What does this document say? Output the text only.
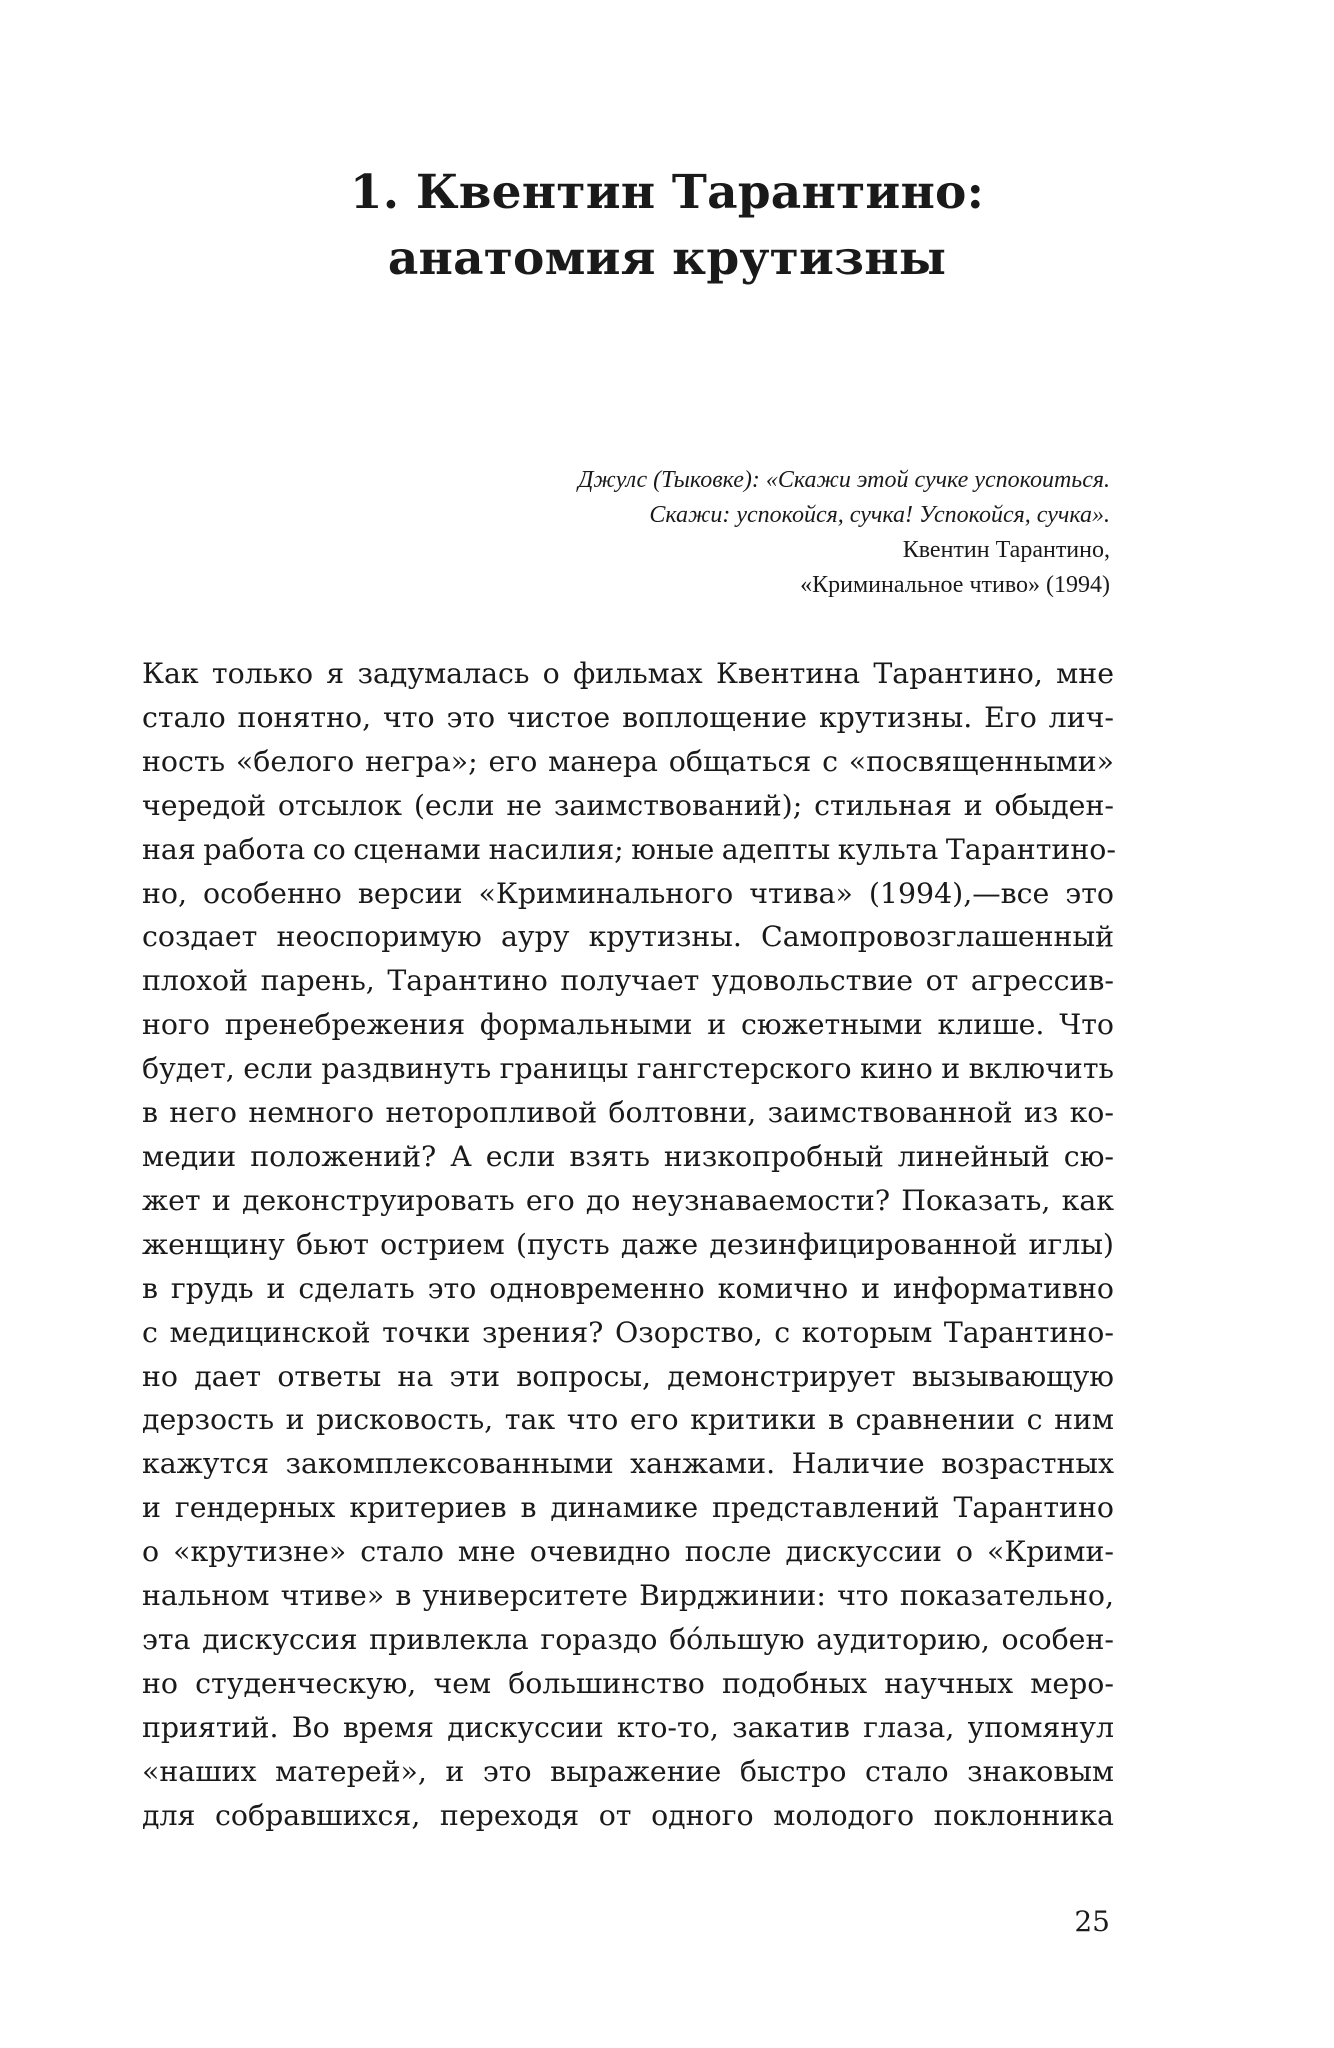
1. Квентин Тарантино:
анатомия крутизны
Джулс (Тыковке): «Скажи этой сучке успокоиться.
Скажи: успокойся, сучка! Успокойся, сучка».
Квентин Тарантино,
«Криминальное чтиво» (1994)
Как только я задумалась о фильмах Квентина Тарантино, мне
стало понятно, что это чистое воплощение крутизны. Его лич-
ность «белого негра»; его манера общаться с «посвященными»
чередой отсылок (если не заимствований); стильная и обыден-
ная работа со сценами насилия; юные адепты культа Тарантино-
но, особенно версии «Криминального чтива» (1994),—все это
создает неоспоримую ауру крутизны. Самопровозглашенный
плохой парень, Тарантино получает удовольствие от агрессив-
ного пренебрежения формальными и сюжетными клише. Что
будет, если раздвинуть границы гангстерского кино и включить
в него немного неторопливой болтовни, заимствованной из ко-
медии положений? А если взять низкопробный линейный сю-
жет и деконструировать его до неузнаваемости? Показать, как
женщину бьют острием (пусть даже дезинфицированной иглы)
в грудь и сделать это одновременно комично и информативно
с медицинской точки зрения? Озорство, с которым Тарантино-
но дает ответы на эти вопросы, демонстрирует вызывающую
дерзость и рисковость, так что его критики в сравнении с ним
кажутся закомплексованными ханжами. Наличие возрастных
и гендерных критериев в динамике представлений Тарантино
о «крутизне» стало мне очевидно после дискуссии о «Крими-
нальном чтиве» в университете Вирджинии: что показательно,
эта дискуссия привлекла гораздо бóльшую аудиторию, особен-
но студенческую, чем большинство подобных научных меро-
приятий. Во время дискуссии кто-то, закатив глаза, упомянул
«наших матерей», и это выражение быстро стало знаковым
для собравшихся, переходя от одного молодого поклонника
25
